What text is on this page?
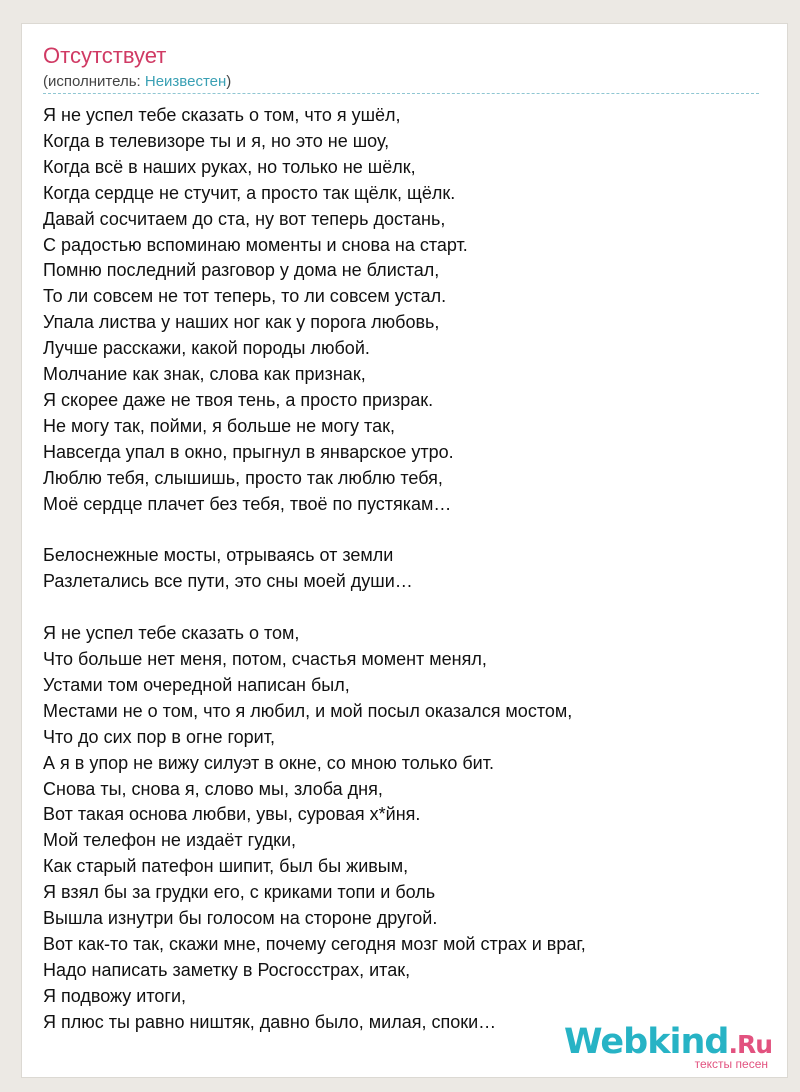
Отсутствует
(исполнитель: Неизвестен)
Я не успел тебе сказать о том, что я ушёл,
Когда в телевизоре ты и я, но это не шоу,
Когда всё в наших руках, но только не шёлк,
Когда сердце не стучит, а просто так щёлк, щёлк.
Давай сосчитаем до ста, ну вот теперь достань,
С радостью вспоминаю моменты и снова на старт.
Помню последний разговор у дома не блистал,
То ли совсем не тот теперь, то ли совсем устал.
Упала листва у наших ног как у порога любовь,
Лучше расскажи, какой породы любой.
Молчание как знак, слова как признак,
Я скорее даже не твоя тень, а просто призрак.
Не могу так, пойми, я больше не могу так,
Навсегда упал в окно, прыгнул в январское утро.
Люблю тебя, слышишь, просто так люблю тебя,
Моё сердце плачет без тебя, твоё по пустякам…
Белоснежные мосты, отрываясь от земли
Разлетались все пути, это сны моей души…
Я не успел тебе сказать о том,
Что больше нет меня, потом, счастья момент менял,
Устами том очередной написан был,
Местами не о том, что я любил, и мой посыл оказался мостом,
Что до сих пор в огне горит,
А я в упор не вижу силуэт в окне, со мною только бит.
Снова ты, снова я, слово мы, злоба дня,
Вот такая основа любви, увы, суровая х*йня.
Мой телефон не издаёт гудки,
Как старый патефон шипит, был бы живым,
Я взял бы за грудки его, с криками топи и боль
Вышла изнутри бы голосом на стороне другой.
Вот как-то так, скажи мне, почему сегодня мозг мой страх и враг,
Надо написать заметку в Росгосстрах, итак,
Я подвожу итоги,
Я плюс ты равно ништяк, давно было, милая, споки…
Webkind.Ru
тексты песен
